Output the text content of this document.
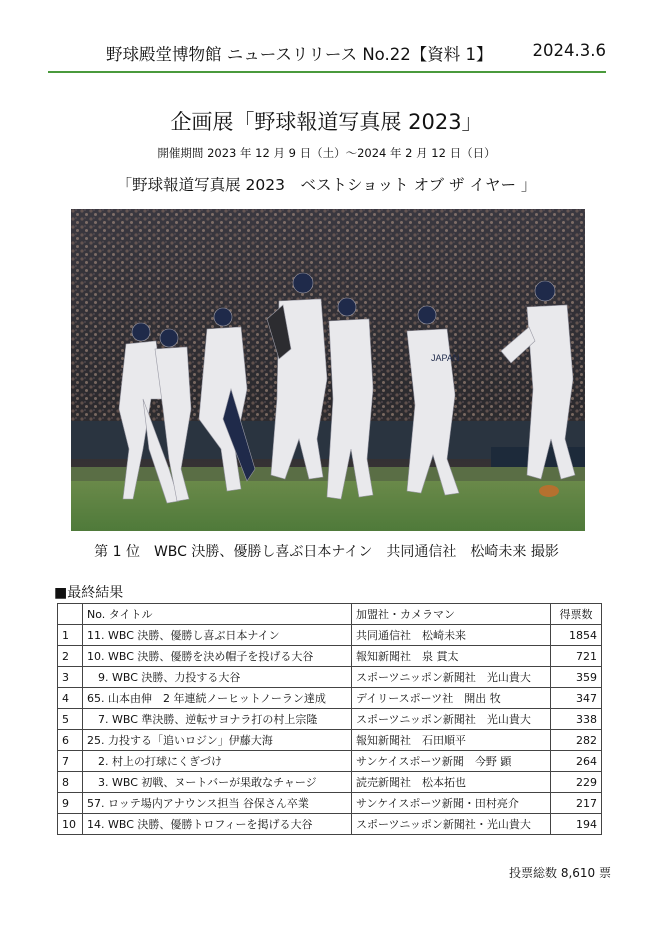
野球殿堂博物館 ニュースリリース No.22【資料 1】 2024.3.6
企画展「野球報道写真展 2023」
開催期間 2023 年 12 月 9 日（土）〜2024 年 2 月 12 日（日）
「野球報道写真展 2023　ベストショット オブ ザ イヤー 」
JAPAN
第 1 位　WBC 決勝、優勝し喜ぶ日本ナイン　共同通信社　松崎未来 撮影
■最終結果
	No. タイトル	加盟社・カメラマン	得票数
1	11. WBC 決勝、優勝し喜ぶ日本ナイン	共同通信社　松崎未来	1854
2	10. WBC 決勝、優勝を決め帽子を投げる大谷	報知新聞社　泉 貫太	721
3	　9. WBC 決勝、力投する大谷	スポーツニッポン新聞社　光山貴大	359
4	65. 山本由伸　2 年連続ノーヒットノーラン達成	デイリースポーツ社　開出 牧	347
5	　7. WBC 準決勝、逆転サヨナラ打の村上宗隆	スポーツニッポン新聞社　光山貴大	338
6	25. 力投する「追いロジン」伊藤大海	報知新聞社　石田順平	282
7	　2. 村上の打球にくぎづけ	サンケイスポーツ新聞　今野 顕	264
8	　3. WBC 初戦、ヌートバーが果敢なチャージ	読売新聞社　松本拓也	229
9	57. ロッテ場内アナウンス担当 谷保さん卒業	サンケイスポーツ新聞・田村亮介	217
10	14. WBC 決勝、優勝トロフィーを掲げる大谷	スポーツニッポン新聞社・光山貴大	194
投票総数 8,610 票
